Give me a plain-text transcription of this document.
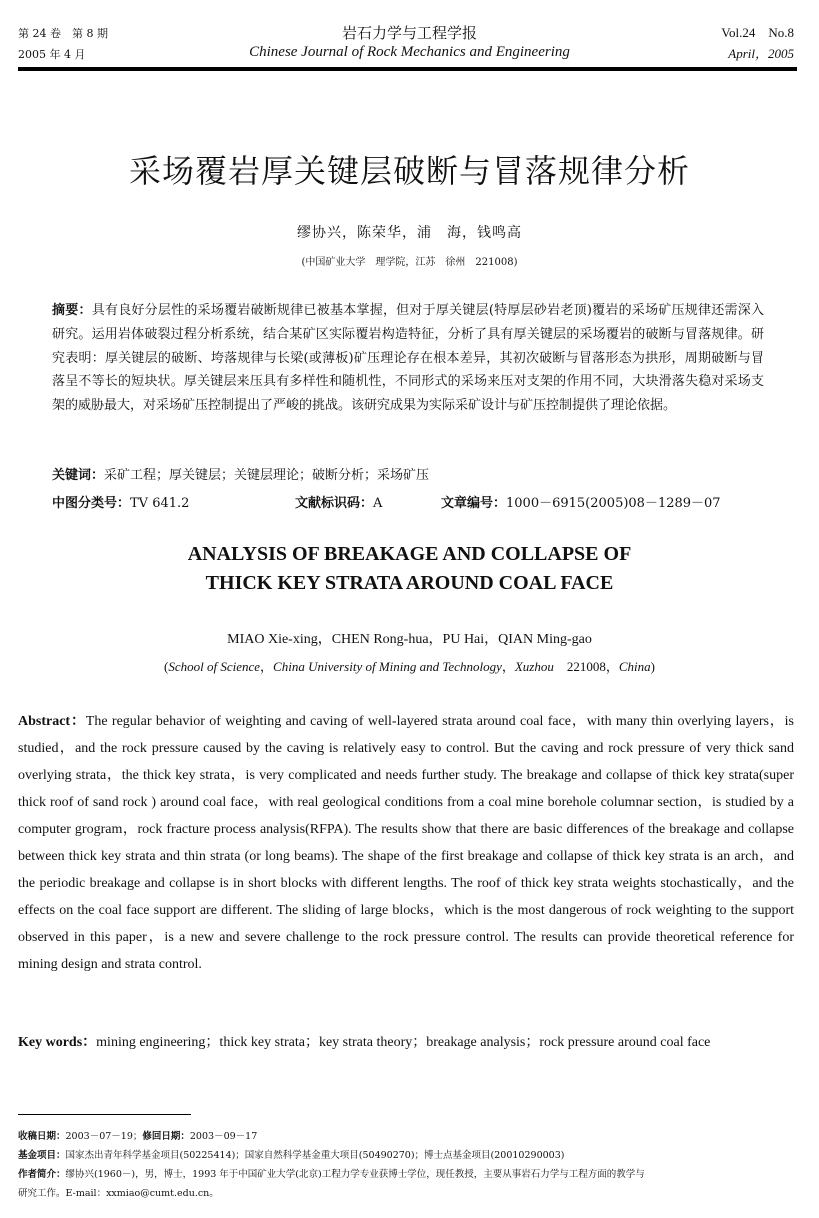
第 24 卷　第 8 期
2005 年 4 月
岩石力学与工程学报
Chinese Journal of Rock Mechanics and Engineering
Vol.24　No.8
April，2005
采场覆岩厚关键层破断与冒落规律分析
缪协兴，陈荣华，浦　海，钱鸣高
(中国矿业大学　理学院，江苏　徐州　221008)
摘要：具有良好分层性的采场覆岩破断规律已被基本掌握，但对于厚关键层(特厚层砂岩老顶)覆岩的采场矿压规律还需深入研究。运用岩体破裂过程分析系统，结合某矿区实际覆岩构造特征，分析了具有厚关键层的采场覆岩的破断与冒落规律。研究表明：厚关键层的破断、垮落规律与长梁(或薄板)矿压理论存在根本差异，其初次破断与冒落形态为拱形，周期破断与冒落呈不等长的短块状。厚关键层来压具有多样性和随机性，不同形式的采场来压对支架的作用不同，大块滑落失稳对采场支架的威胁最大，对采场矿压控制提出了严峻的挑战。该研究成果为实际采矿设计与矿压控制提供了理论依据。
关键词：采矿工程；厚关键层；关键层理论；破断分析；采场矿压
中图分类号：TV 641.2	文献标识码：A	文章编号：1000－6915(2005)08－1289－07
ANALYSIS OF BREAKAGE AND COLLAPSE OF
THICK KEY STRATA AROUND COAL FACE
MIAO Xie-xing，CHEN Rong-hua，PU Hai，QIAN Ming-gao
(School of Science，China University of Mining and Technology，Xuzhou　221008，China)
Abstract：The regular behavior of weighting and caving of well-layered strata around coal face，with many thin overlying layers，is studied，and the rock pressure caused by the caving is relatively easy to control. But the caving and rock pressure of very thick sand overlying strata，the thick key strata，is very complicated and needs further study. The breakage and collapse of thick key strata(super thick roof of sand rock ) around coal face，with real geological conditions from a coal mine borehole columnar section，is studied by a computer grogram，rock fracture process analysis(RFPA). The results show that there are basic differences of the breakage and collapse between thick key strata and thin strata (or long beams). The shape of the first breakage and collapse of thick key strata is an arch，and the periodic breakage and collapse is in short blocks with different lengths. The roof of thick key strata weights stochastically，and the effects on the coal face support are different. The sliding of large blocks，which is the most dangerous of rock weighting to the support observed in this paper，is a new and severe challenge to the rock pressure control. The results can provide theoretical reference for mining design and strata control.
Key words：mining engineering；thick key strata；key strata theory；breakage analysis；rock pressure around coal face
收稿日期：2003－07－19；修回日期：2003－09－17
基金项目：国家杰出青年科学基金项目(50225414)；国家自然科学基金重大项目(50490270)；博士点基金项目(20010290003)
作者简介：缪协兴(1960－)，男，博士，1993 年于中国矿业大学(北京)工程力学专业获博士学位，现任教授，主要从事岩石力学与工程方面的教学与
研究工作。E-mail：xxmiao@cumt.edu.cn。
